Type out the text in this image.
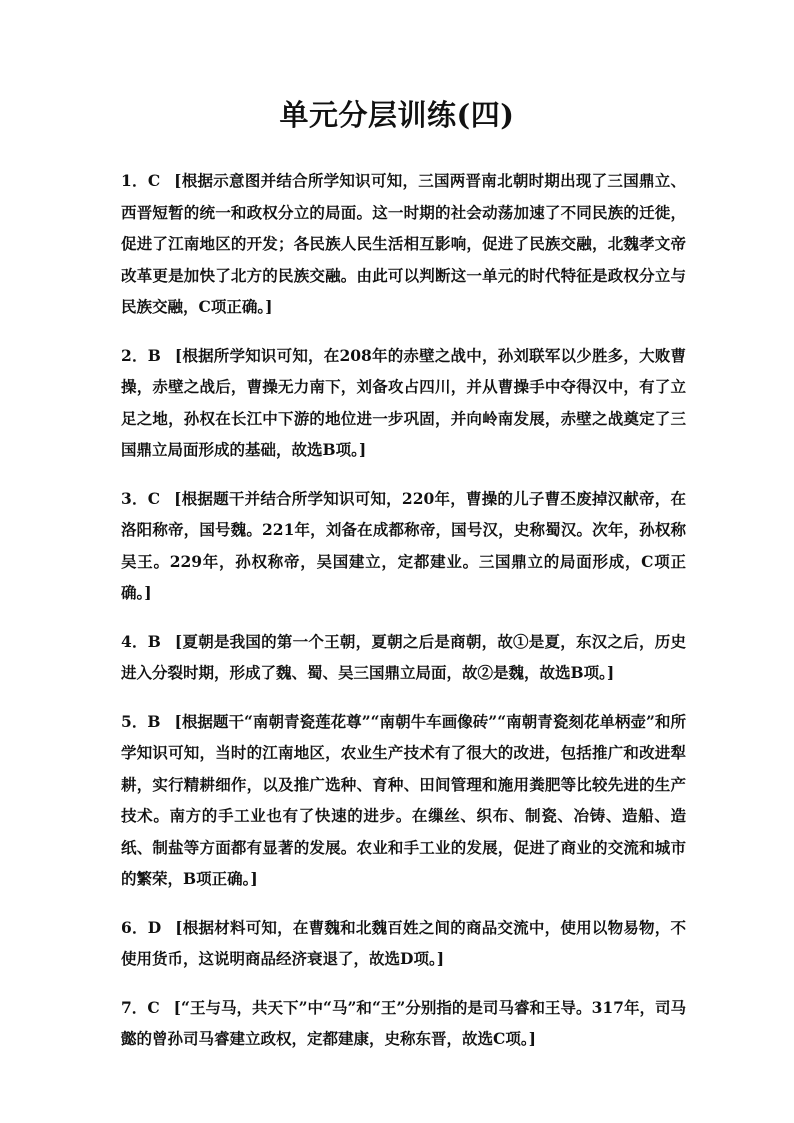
单元分层训练(四)

1．C [根据示意图并结合所学知识可知，三国两晋南北朝时期出现了三国鼎立、西晋短暂的统一和政权分立的局面。这一时期的社会动荡加速了不同民族的迁徙，促进了江南地区的开发；各民族人民生活相互影响，促进了民族交融，北魏孝文帝改革更是加快了北方的民族交融。由此可以判断这一单元的时代特征是政权分立与民族交融，C项正确。]

2．B [根据所学知识可知，在208年的赤壁之战中，孙刘联军以少胜多，大败曹操，赤壁之战后，曹操无力南下，刘备攻占四川，并从曹操手中夺得汉中，有了立足之地，孙权在长江中下游的地位进一步巩固，并向岭南发展，赤壁之战奠定了三国鼎立局面形成的基础，故选B项。]

3．C [根据题干并结合所学知识可知，220年，曹操的儿子曹丕废掉汉献帝，在洛阳称帝，国号魏。221年，刘备在成都称帝，国号汉，史称蜀汉。次年，孙权称吴王。229年，孙权称帝，吴国建立，定都建业。三国鼎立的局面形成，C项正确。]

4．B [夏朝是我国的第一个王朝，夏朝之后是商朝，故①是夏，东汉之后，历史进入分裂时期，形成了魏、蜀、吴三国鼎立局面，故②是魏，故选B项。]

5．B [根据题干“南朝青瓷莲花尊”“南朝牛车画像砖”“南朝青瓷刻花单柄壶”和所学知识可知，当时的江南地区，农业生产技术有了很大的改进，包括推广和改进犁耕，实行精耕细作，以及推广选种、育种、田间管理和施用粪肥等比较先进的生产技术。南方的手工业也有了快速的进步。在缫丝、织布、制瓷、冶铸、造船、造纸、制盐等方面都有显著的发展。农业和手工业的发展，促进了商业的交流和城市的繁荣，B项正确。]

6．D [根据材料可知，在曹魏和北魏百姓之间的商品交流中，使用以物易物，不使用货币，这说明商品经济衰退了，故选D项。]

7．C [“王与马，共天下”中“马”和“王”分别指的是司马睿和王导。317年，司马懿的曾孙司马睿建立政权，定都建康，史称东晋，故选C项。]
